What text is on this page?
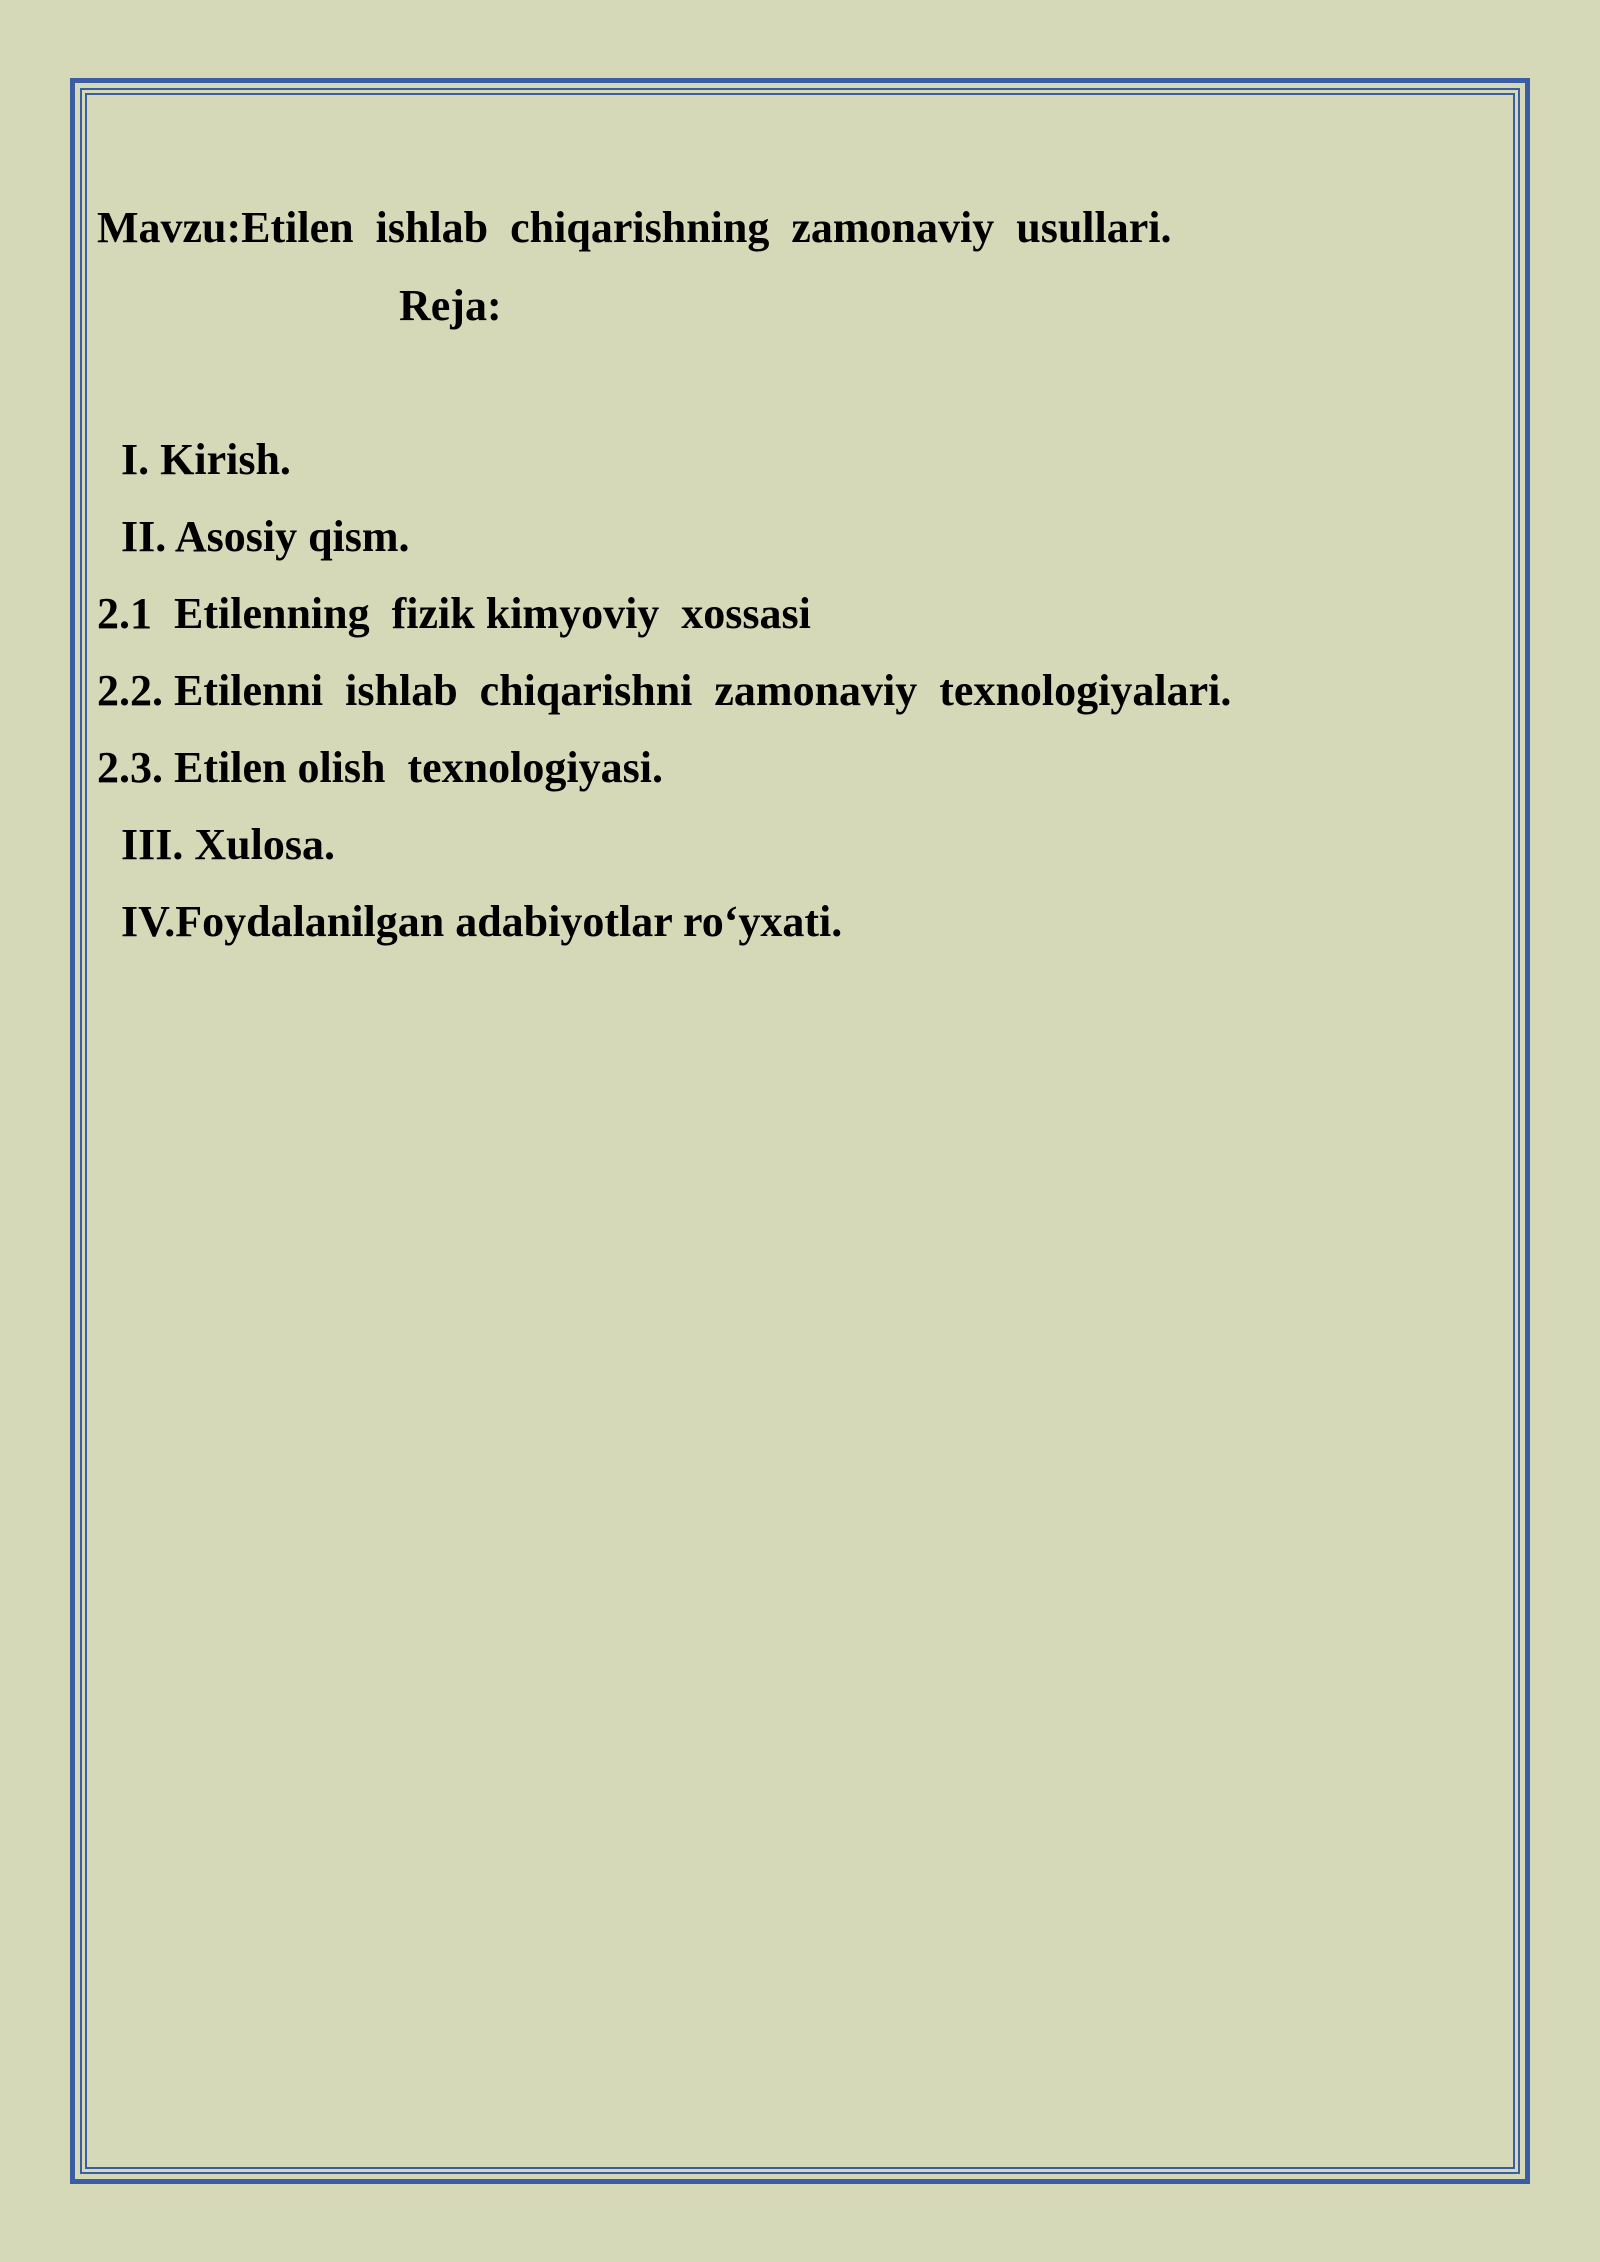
Mavzu:Etilen  ishlab  chiqarishning  zamonaviy  usullari.
Reja:
I. Kirish.
II. Asosiy qism.
2.1  Etilenning  fizik kimyoviy  xossasi
2.2. Etilenni  ishlab  chiqarishni  zamonaviy  texnologiyalari.
2.3. Etilen olish  texnologiyasi.
III. Xulosa.
IV.Foydalanilgan adabiyotlar ro‘yxati.
